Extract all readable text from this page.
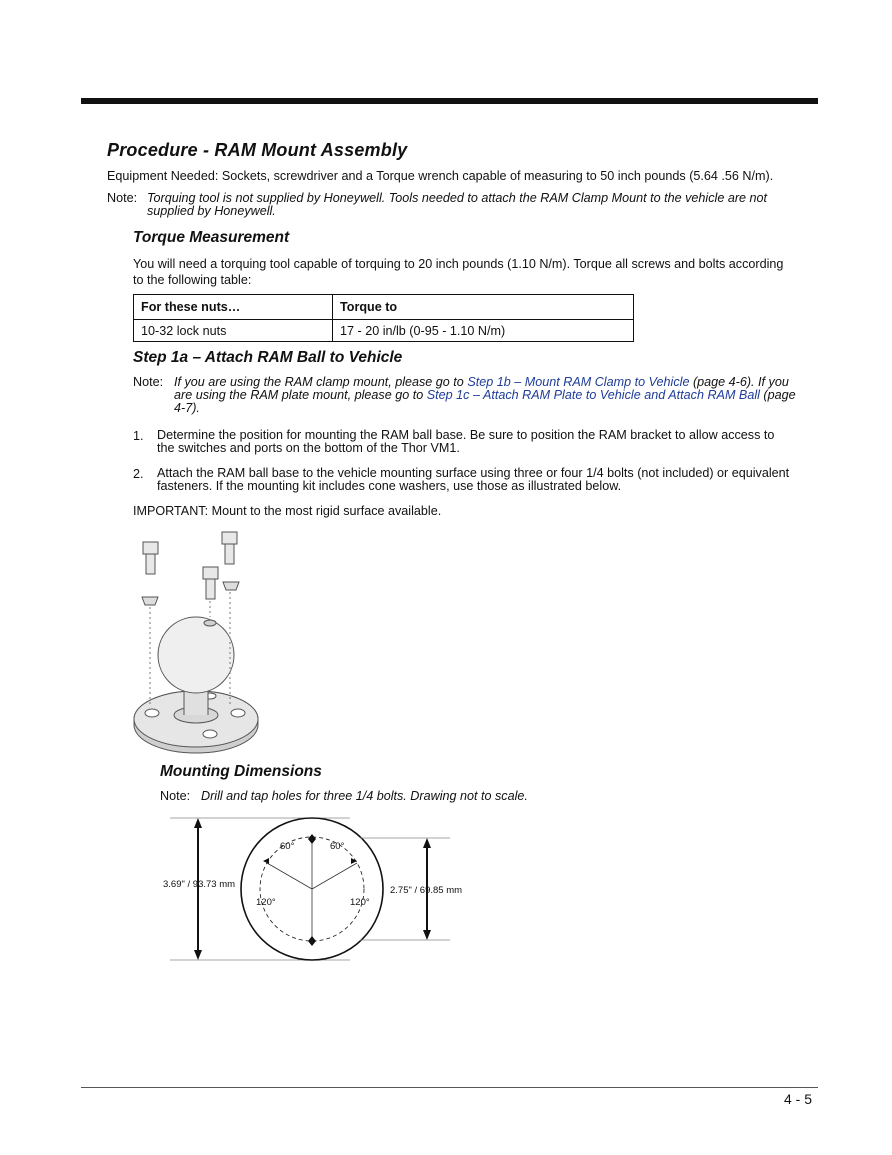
Procedure - RAM Mount Assembly
Equipment Needed: Sockets, screwdriver and a Torque wrench capable of measuring to 50 inch pounds (5.64 .56 N/m).
Note: Torquing tool is not supplied by Honeywell. Tools needed to attach the RAM Clamp Mount to the vehicle are not
supplied by Honeywell.
Torque Measurement
You will need a torquing tool capable of torquing to 20 inch pounds (1.10 N/m). Torque all screws and bolts according
to the following table:
For these nuts…	Torque to
10-32 lock nuts	17 - 20 in/lb (0-95 - 1.10 N/m)
Step 1a – Attach RAM Ball to Vehicle
Note: If you are using the RAM clamp mount, please go to Step 1b – Mount RAM Clamp to Vehicle (page 4-6). If you
are using the RAM plate mount, please go to Step 1c – Attach RAM Plate to Vehicle and Attach RAM Ball (page
4-7).
1. Determine the position for mounting the RAM ball base. Be sure to position the RAM bracket to allow access to
the switches and ports on the bottom of the Thor VM1.
2. Attach the RAM ball base to the vehicle mounting surface using three or four 1/4 bolts (not included) or equivalent
fasteners. If the mounting kit includes cone washers, use those as illustrated below.
IMPORTANT: Mount to the most rigid surface available.
Mounting Dimensions
Note: Drill and tap holes for three 1/4 bolts. Drawing not to scale.
3.69" / 93.73 mm
2.75" / 69.85 mm
60°	60°
120°	120°
4 - 5
